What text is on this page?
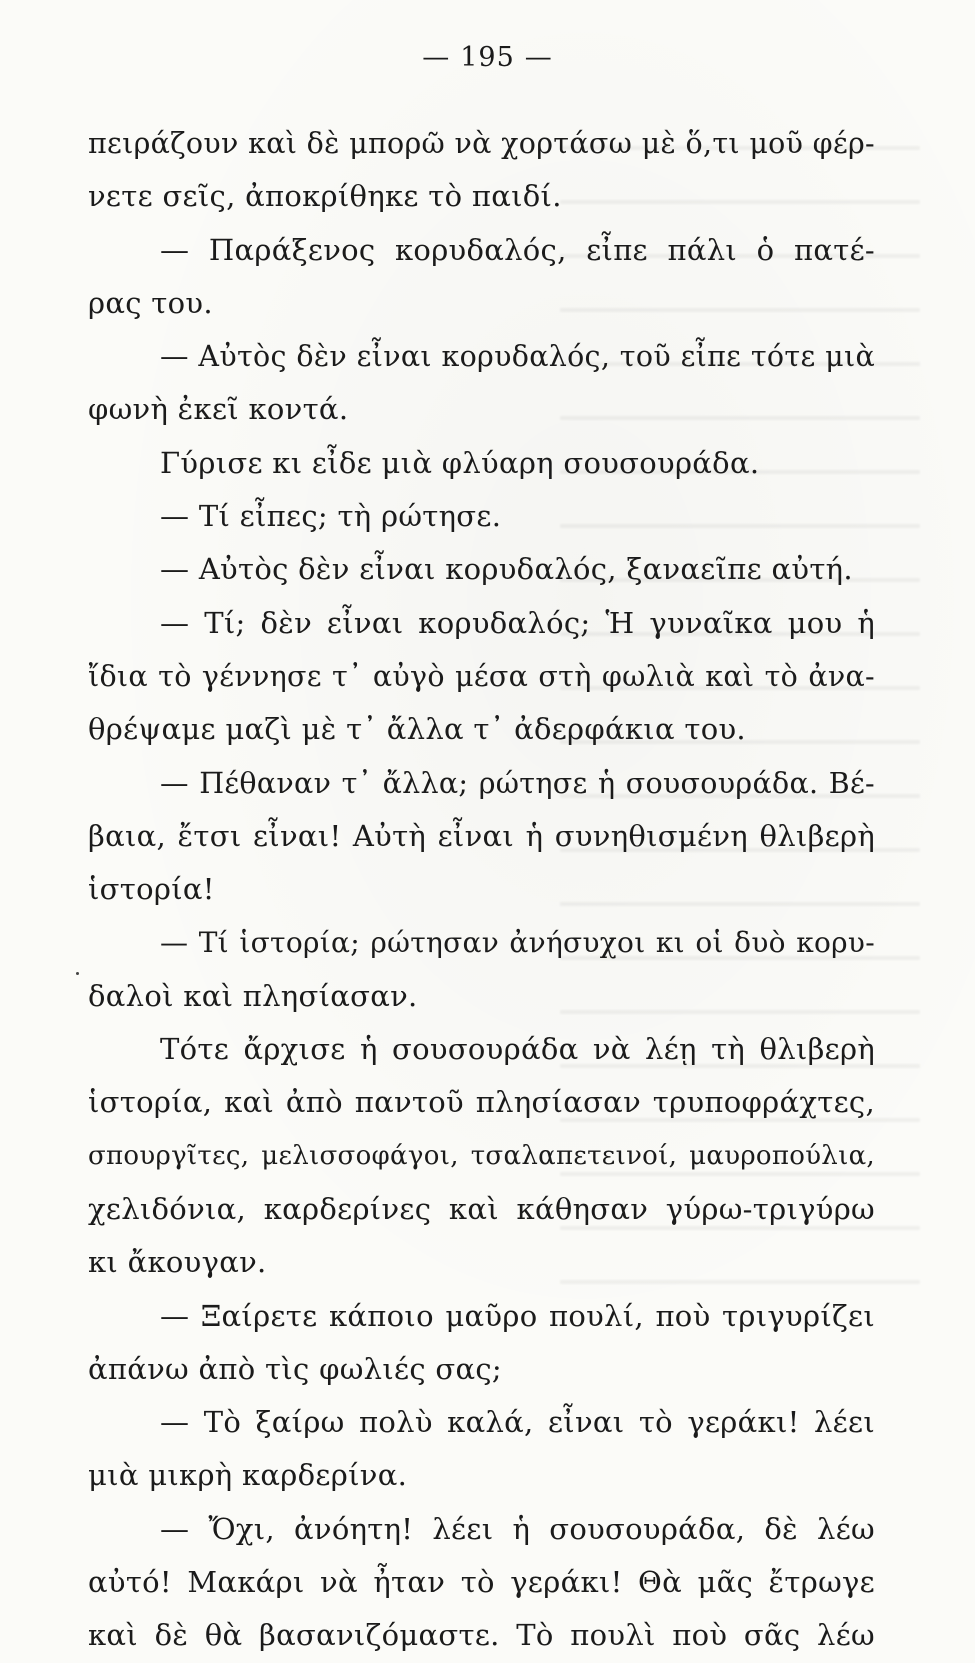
— 195 —
πειράζουν καὶ δὲ μπορῶ νὰ χορτάσω μὲ ὅ,τι μοῦ φέρ-
νετε σεῖς, ἀποκρίθηκε τὸ παιδί.
— Παράξενος κορυδαλός, εἶπε πάλι ὁ πατέ-
ρας του.
— Αὐτὸς δὲν εἶναι κορυδαλός, τοῦ εἶπε τότε μιὰ
φωνὴ ἐκεῖ κοντά.
Γύρισε κι εἶδε μιὰ φλύαρη σουσουράδα.
— Τί εἶπες; τὴ ρώτησε.
— Αὐτὸς δὲν εἶναι κορυδαλός, ξαναεῖπε αὐτή.
— Τί; δὲν εἶναι κορυδαλός; Ἡ γυναῖκα μου ἡ
ἴδια τὸ γέννησε τ᾿ αὐγὸ μέσα στὴ φωλιὰ καὶ τὸ ἀνα-
θρέψαμε μαζὶ μὲ τ᾿ ἄλλα τ᾿ ἀδερφάκια του.
— Πέθαναν τ᾿ ἄλλα; ρώτησε ἡ σουσουράδα. Βέ-
βαια, ἔτσι εἶναι! Αὐτὴ εἶναι ἡ συνηθισμένη θλιβερὴ
ἱστορία!
— Τί ἱστορία; ρώτησαν ἀνήσυχοι κι οἱ δυὸ κορυ-
δαλοὶ καὶ πλησίασαν.
Τότε ἄρχισε ἡ σουσουράδα νὰ λέῃ τὴ θλιβερὴ
ἱστορία, καὶ ἀπὸ παντοῦ πλησίασαν τρυποφράχτες,
σπουργῖτες, μελισσοφάγοι, τσαλαπετεινοί, μαυροπούλια,
χελιδόνια, καρδερίνες καὶ κάθησαν γύρω-τριγύρω
κι ἄκουγαν.
— Ξαίρετε κάποιο μαῦρο πουλί, ποὺ τριγυρίζει
ἀπάνω ἀπὸ τὶς φωλιές σας;
— Τὸ ξαίρω πολὺ καλά, εἶναι τὸ γεράκι! λέει
μιὰ μικρὴ καρδερίνα.
— Ὄχι, ἀνόητη! λέει ἡ σουσουράδα, δὲ λέω
αὐτό! Μακάρι νὰ ἦταν τὸ γεράκι! Θὰ μᾶς ἔτρωγε
καὶ δὲ θὰ βασανιζόμαστε. Τὸ πουλὶ ποὺ σᾶς λέω
